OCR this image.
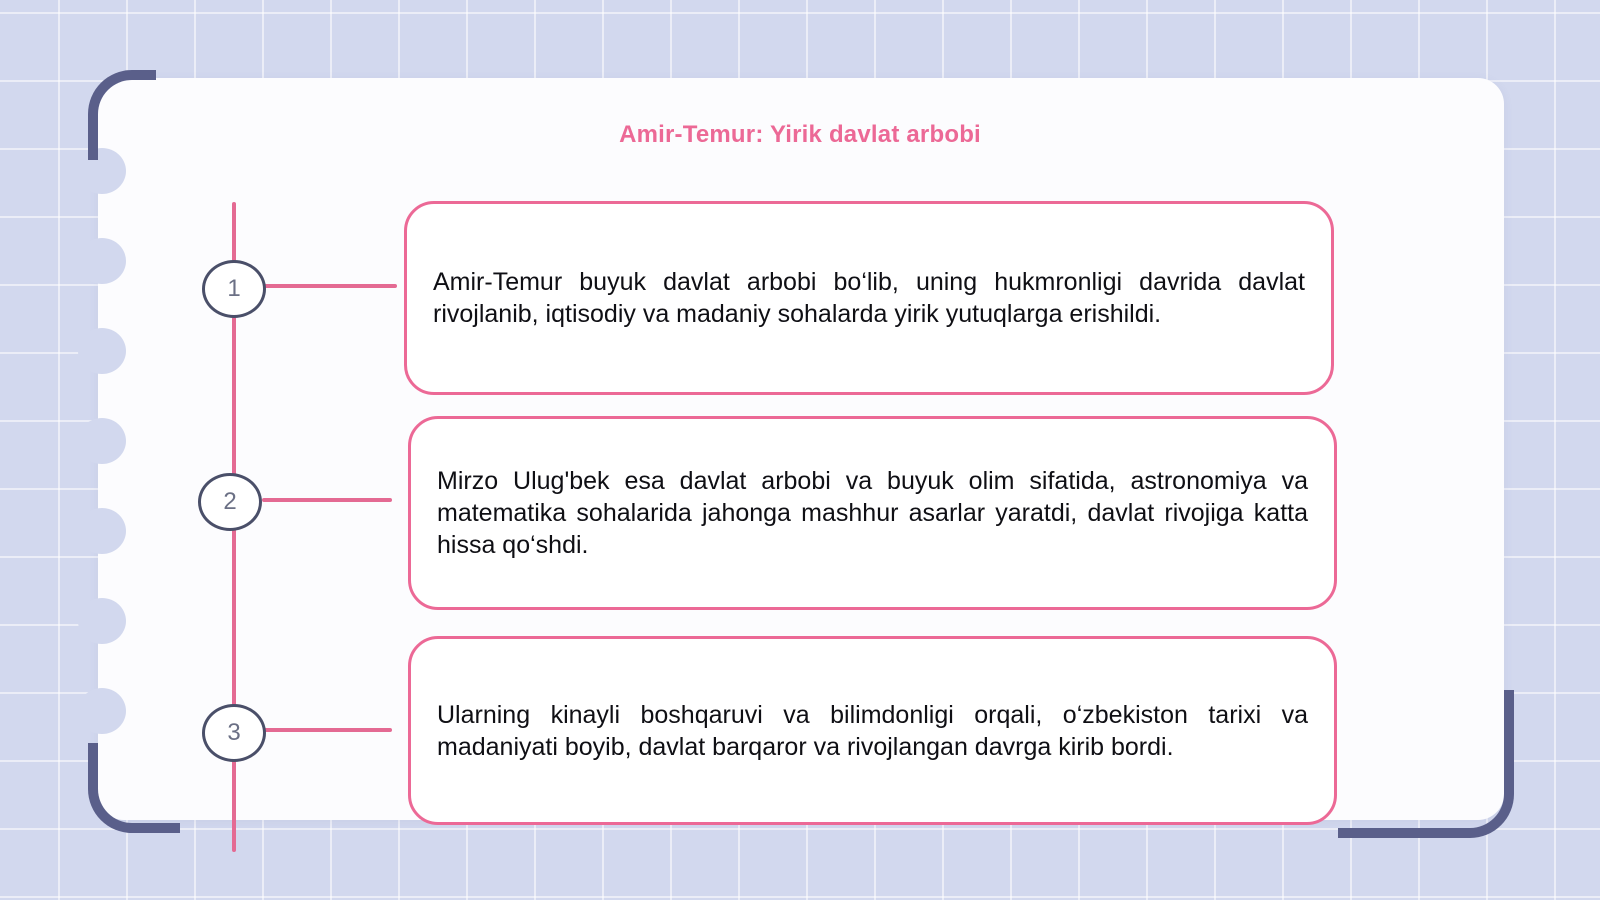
Amir-Temur: Yirik davlat arbobi
1
2
3
Amir-Temur buyuk davlat arbobi bo‘lib, uning hukmronligi davrida davlat rivojlanib, iqtisodiy va madaniy sohalarda yirik yutuqlarga erishildi.
Mirzo Ulug'bek esa davlat arbobi va buyuk olim sifatida, astronomiya va matematika sohalarida jahonga mashhur asarlar yaratdi, davlat rivojiga katta hissa qo‘shdi.
Ularning kinayli boshqaruvi va bilimdonligi orqali, o‘zbekiston tarixi va madaniyati boyib, davlat barqaror va rivojlangan davrga kirib bordi.
